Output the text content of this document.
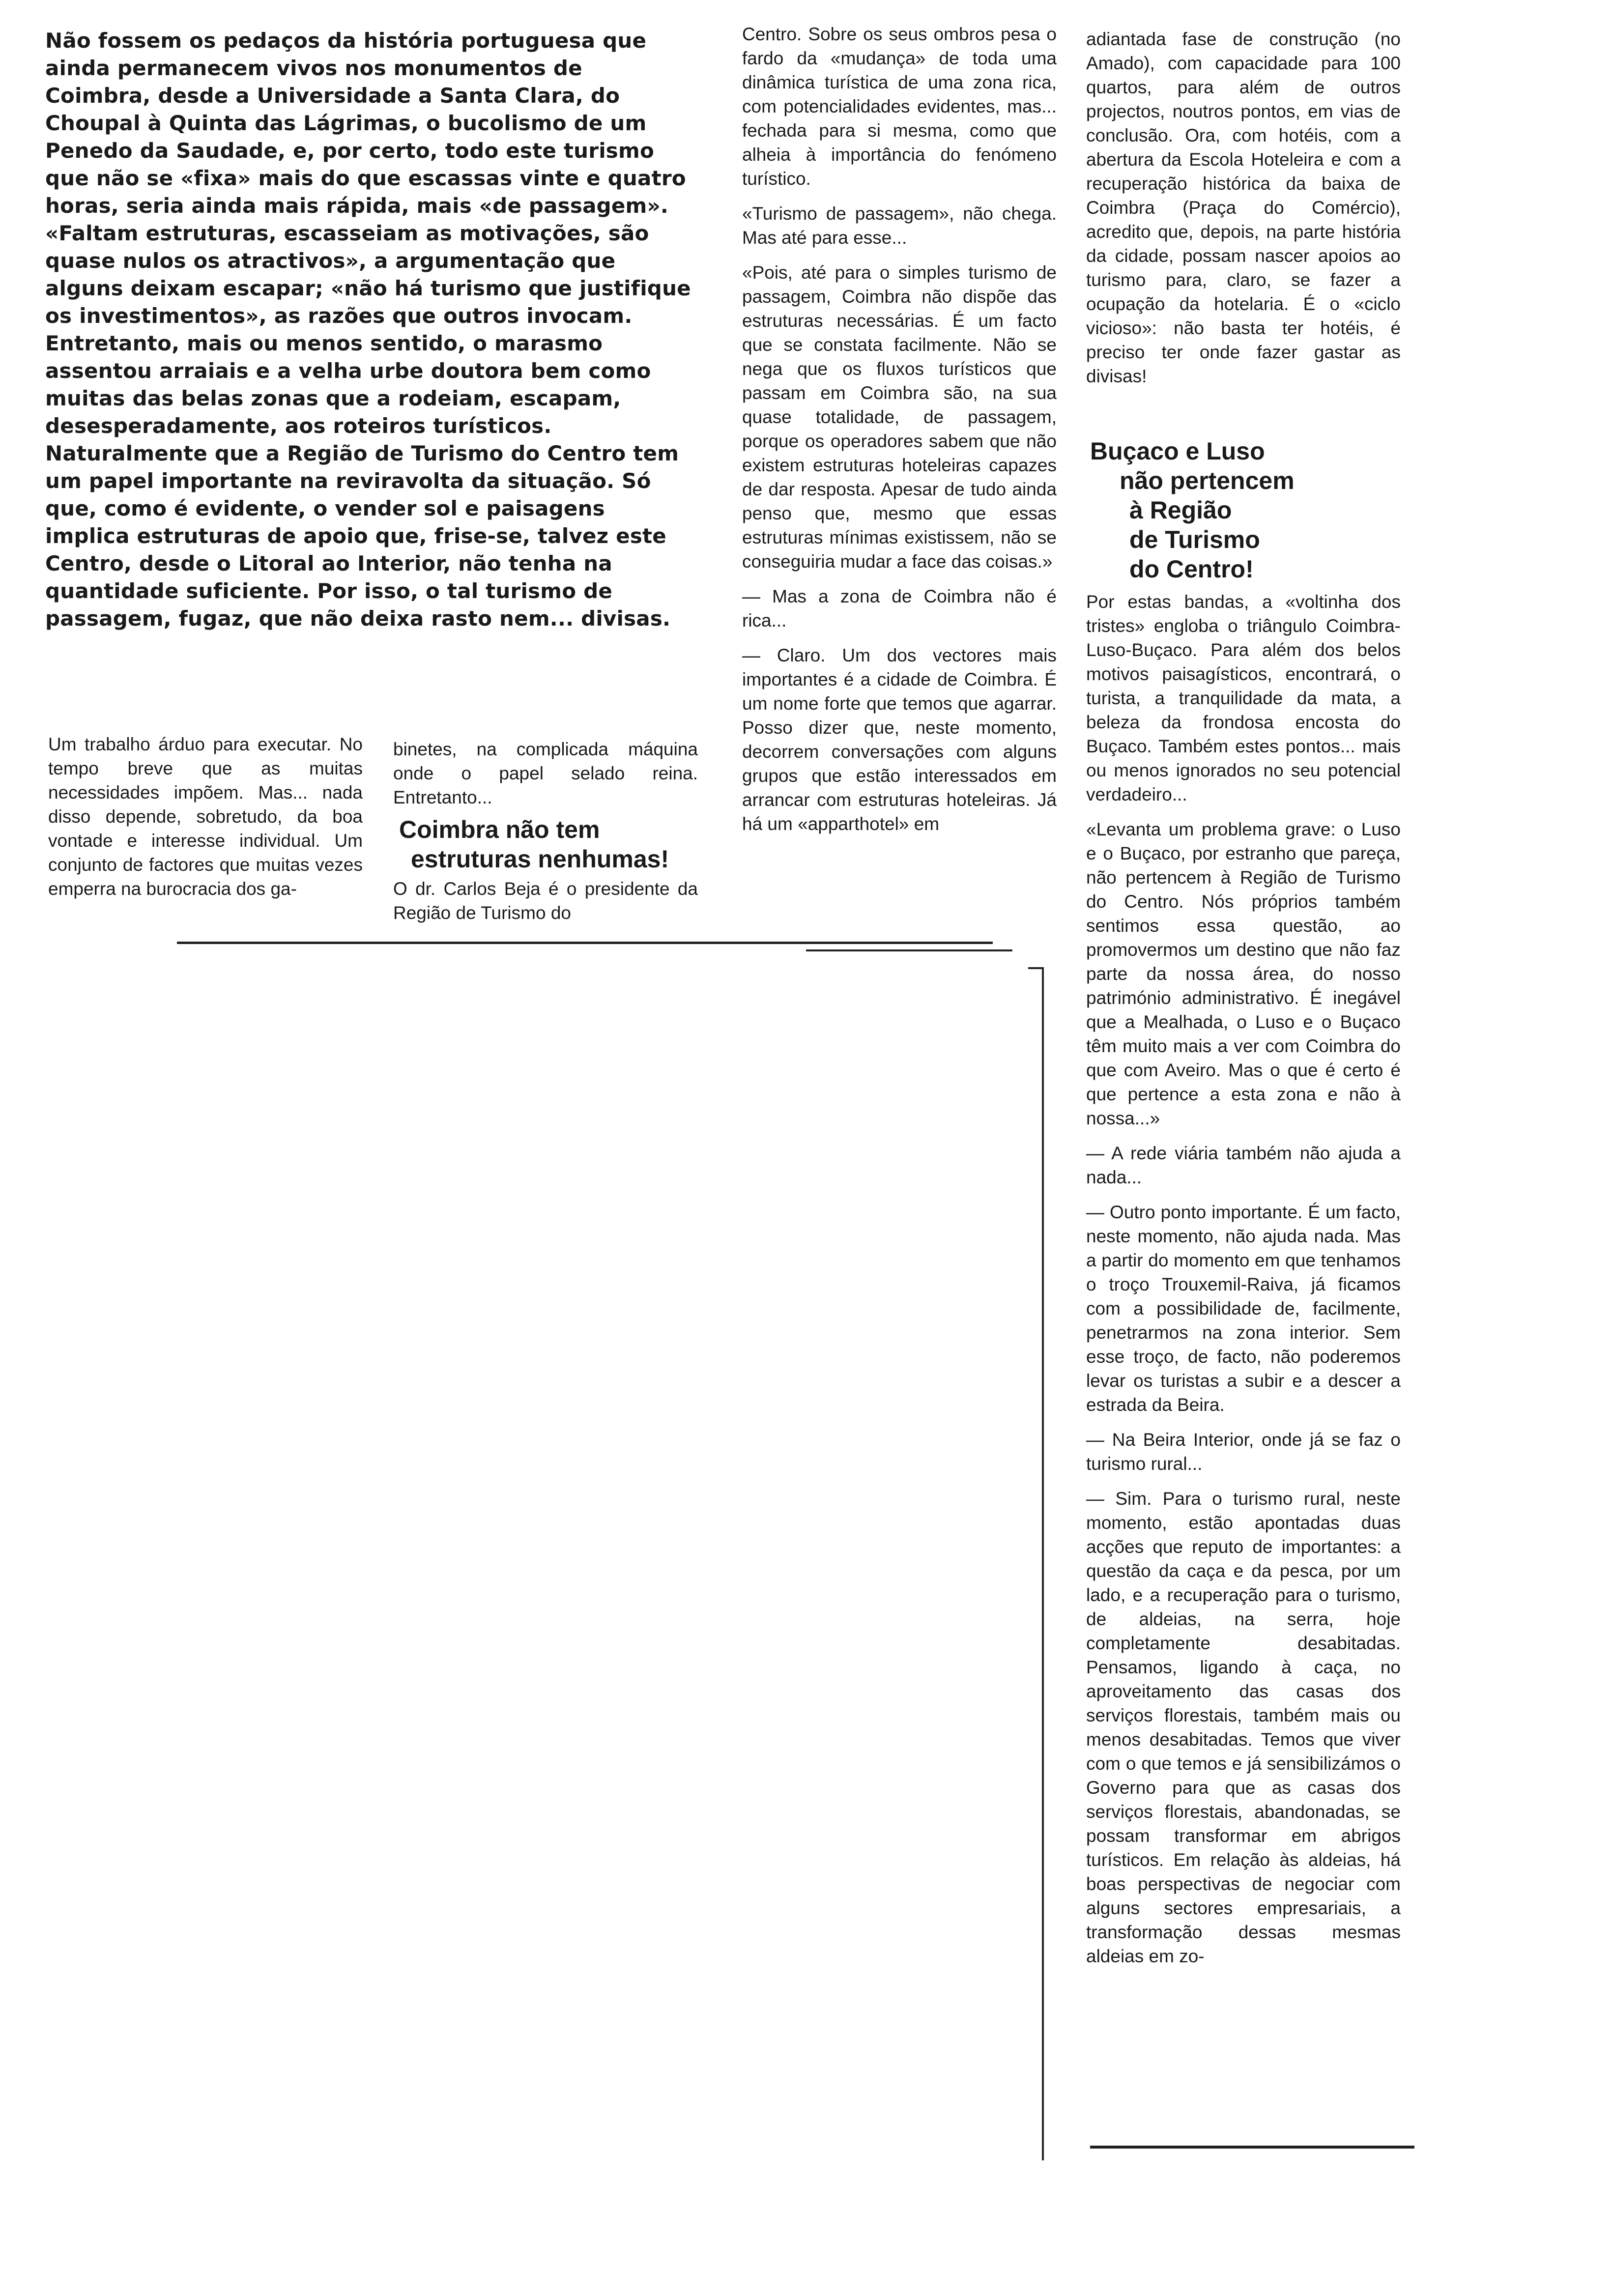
Não fossem os pedaços da história portuguesa que ainda permanecem vivos nos monumentos de Coimbra, desde a Universidade a Santa Clara, do Choupal à Quinta das Lágrimas, o bucolismo de um Penedo da Saudade, e, por certo, todo este turismo que não se «fixa» mais do que escassas vinte e quatro horas, seria ainda mais rápida, mais «de passagem».

«Faltam estruturas, escasseiam as motivações, são quase nulos os atractivos», a argumentação que alguns deixam escapar; «não há turismo que justifique os investimentos», as razões que outros invocam. Entretanto, mais ou menos sentido, o marasmo assentou arraiais e a velha urbe doutora bem como muitas das belas zonas que a rodeiam, escapam, desesperadamente, aos roteiros turísticos.

Naturalmente que a Região de Turismo do Centro tem um papel importante na reviravolta da situação. Só que, como é evidente, o vender sol e paisagens implica estruturas de apoio que, frise-se, talvez este Centro, desde o Litoral ao Interior, não tenha na quantidade suficiente. Por isso, o tal turismo de passagem, fugaz, que não deixa rasto nem... divisas.

Um trabalho árduo para executar. No tempo breve que as muitas necessidades impõem. Mas... nada disso depende, sobretudo, da boa vontade e interesse individual. Um conjunto de factores que muitas vezes emperra na burocracia dos ga-

binetes, na complicada máquina onde o papel selado reina. Entretanto...

Coimbra não tem
estruturas nenhumas!

O dr. Carlos Beja é o presidente da Região de Turismo do

Centro. Sobre os seus ombros pesa o fardo da «mudança» de toda uma dinâmica turística de uma zona rica, com potencialidades evidentes, mas... fechada para si mesma, como que alheia à importância do fenómeno turístico.

«Turismo de passagem», não chega. Mas até para esse...

«Pois, até para o simples turismo de passagem, Coimbra não dispõe das estruturas necessárias. É um facto que se constata facilmente. Não se nega que os fluxos turísticos que passam em Coimbra são, na sua quase totalidade, de passagem, porque os operadores sabem que não existem estruturas hoteleiras capazes de dar resposta. Apesar de tudo ainda penso que, mesmo que essas estruturas mínimas existissem, não se conseguiria mudar a face das coisas.»

— Mas a zona de Coimbra não é rica...

— Claro. Um dos vectores mais importantes é a cidade de Coimbra. É um nome forte que temos que agarrar. Posso dizer que, neste momento, decorrem conversações com alguns grupos que estão interessados em arrancar com estruturas hoteleiras. Já há um «apparthotel» em

adiantada fase de construção (no Amado), com capacidade para 100 quartos, para além de outros projectos, noutros pontos, em vias de conclusão. Ora, com hotéis, com a abertura da Escola Hoteleira e com a recuperação histórica da baixa de Coimbra (Praça do Comércio), acredito que, depois, na parte história da cidade, possam nascer apoios ao turismo para, claro, se fazer a ocupação da hotelaria. É o «ciclo vicioso»: não basta ter hotéis, é preciso ter onde fazer gastar as divisas!

Buçaco e Luso
não pertencem
à Região
de Turismo
do Centro!

Por estas bandas, a «voltinha dos tristes» engloba o triângulo Coimbra-Luso-Buçaco. Para além dos belos motivos paisagísticos, encontrará, o turista, a tranquilidade da mata, a beleza da frondosa encosta do Buçaco. Também estes pontos... mais ou menos ignorados no seu potencial verdadeiro...

«Levanta um problema grave: o Luso e o Buçaco, por estranho que pareça, não pertencem à Região de Turismo do Centro. Nós próprios também sentimos essa questão, ao promovermos um destino que não faz parte da nossa área, do nosso património administrativo. É inegável que a Mealhada, o Luso e o Buçaco têm muito mais a ver com Coimbra do que com Aveiro. Mas o que é certo é que pertence a esta zona e não à nossa...»

— A rede viária também não ajuda a nada...

— Outro ponto importante. É um facto, neste momento, não ajuda nada. Mas a partir do momento em que tenhamos o troço Trouxemil-Raiva, já ficamos com a possibilidade de, facilmente, penetrarmos na zona interior. Sem esse troço, de facto, não poderemos levar os turistas a subir e a descer a estrada da Beira.

— Na Beira Interior, onde já se faz o turismo rural...

— Sim. Para o turismo rural, neste momento, estão apontadas duas acções que reputo de importantes: a questão da caça e da pesca, por um lado, e a recuperação para o turismo, de aldeias, na serra, hoje completamente desabitadas. Pensamos, ligando à caça, no aproveitamento das casas dos serviços florestais, também mais ou menos desabitadas. Temos que viver com o que temos e já sensibilizámos o Governo para que as casas dos serviços florestais, abandonadas, se possam transformar em abrigos turísticos. Em relação às aldeias, há boas perspectivas de negociar com alguns sectores empresariais, a transformação dessas mesmas aldeias em zo-
